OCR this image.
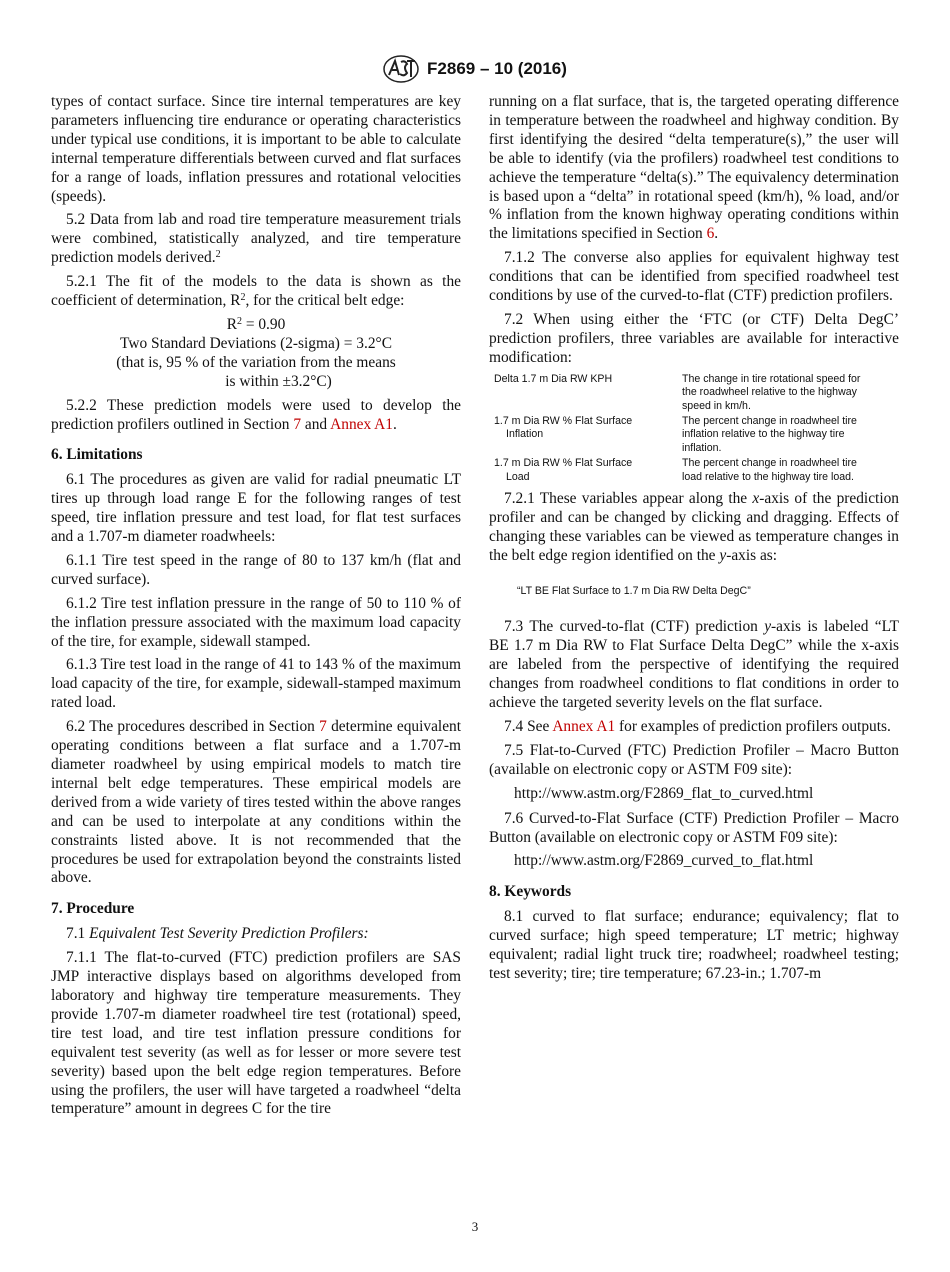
F2869 – 10 (2016)

types of contact surface. Since tire internal temperatures are key parameters influencing tire endurance or operating characteristics under typical use conditions, it is important to be able to calculate internal temperature differentials between curved and flat surfaces for a range of loads, inflation pressures and rotational velocities (speeds).

5.2 Data from lab and road tire temperature measurement trials were combined, statistically analyzed, and tire temperature prediction models derived.$^2$

5.2.1 The fit of the models to the data is shown as the coefficient of determination, $R^2$, for the critical belt edge:

$R^2 = 0.90$

Two Standard Deviations (2-sigma) = 3.2°C

(that is, 95 % of the variation from the means

is within ±3.2°C)

5.2.2 These prediction models were used to develop the prediction profilers outlined in Section 7 and Annex A1.

6. Limitations

6.1 The procedures as given are valid for radial pneumatic LT tires up through load range E for the following ranges of test speed, tire inflation pressure and test load, for flat test surfaces and a 1.707-m diameter roadwheels:

6.1.1 Tire test speed in the range of 80 to 137 km/h (flat and curved surface).

6.1.2 Tire test inflation pressure in the range of 50 to 110 % of the inflation pressure associated with the maximum load capacity of the tire, for example, sidewall stamped.

6.1.3 Tire test load in the range of 41 to 143 % of the maximum load capacity of the tire, for example, sidewall-stamped maximum rated load.

6.2 The procedures described in Section 7 determine equivalent operating conditions between a flat surface and a 1.707-m diameter roadwheel by using empirical models to match tire internal belt edge temperatures. These empirical models are derived from a wide variety of tires tested within the above ranges and can be used to interpolate at any conditions within the constraints listed above. It is not recommended that the procedures be used for extrapolation beyond the constraints listed above.

7. Procedure

7.1 Equivalent Test Severity Prediction Profilers:

7.1.1 The flat-to-curved (FTC) prediction profilers are SAS JMP interactive displays based on algorithms developed from laboratory and highway tire temperature measurements. They provide 1.707-m diameter roadwheel tire test (rotational) speed, tire test load, and tire test inflation pressure conditions for equivalent test severity (as well as for lesser or more severe test severity) based upon the belt edge region temperatures. Before using the profilers, the user will have targeted a roadwheel “delta temperature” amount in degrees C for the tire

running on a flat surface, that is, the targeted operating difference in temperature between the roadwheel and highway condition. By first identifying the desired “delta temperature(s),” the user will be able to identify (via the profilers) roadwheel test conditions to achieve the temperature “delta(s).” The equivalency determination is based upon a “delta” in rotational speed (km/h), % load, and/or % inflation from the known highway operating conditions within the limitations specified in Section 6.

7.1.2 The converse also applies for equivalent highway test conditions that can be identified from specified roadwheel test conditions by use of the curved-to-flat (CTF) prediction profilers.

7.2 When using either the ‘FTC (or CTF) Delta DegC’ prediction profilers, three variables are available for interactive modification:

Delta 1.7 m Dia RW KPH	The change in tire rotational speed for the roadwheel relative to the highway speed in km/h.
1.7 m Dia RW % Flat Surface
Inflation
The percent change in roadwheel tire inflation relative to the highway tire inflation.
1.7 m Dia RW % Flat Surface
Load
The percent change in roadwheel tire load relative to the highway tire load.

7.2.1 These variables appear along the x-axis of the prediction profiler and can be changed by clicking and dragging. Effects of changing these variables can be viewed as temperature changes in the belt edge region identified on the y-axis as:

“LT BE Flat Surface to 1.7 m Dia RW Delta DegC”

7.3 The curved-to-flat (CTF) prediction y-axis is labeled “LT BE 1.7 m Dia RW to Flat Surface Delta DegC” while the x-axis are labeled from the perspective of identifying the required changes from roadwheel conditions to flat conditions in order to achieve the targeted severity levels on the flat surface.

7.4 See Annex A1 for examples of prediction profilers outputs.

7.5 Flat-to-Curved (FTC) Prediction Profiler – Macro Button (available on electronic copy or ASTM F09 site):

http://www.astm.org/F2869_flat_to_curved.html

7.6 Curved-to-Flat Surface (CTF) Prediction Profiler – Macro Button (available on electronic copy or ASTM F09 site):

http://www.astm.org/F2869_curved_to_flat.html

8. Keywords

8.1 curved to flat surface; endurance; equivalency; flat to curved surface; high speed temperature; LT metric; highway equivalent; radial light truck tire; roadwheel; roadwheel testing; test severity; tire; tire temperature; 67.23-in.; 1.707-m

3
